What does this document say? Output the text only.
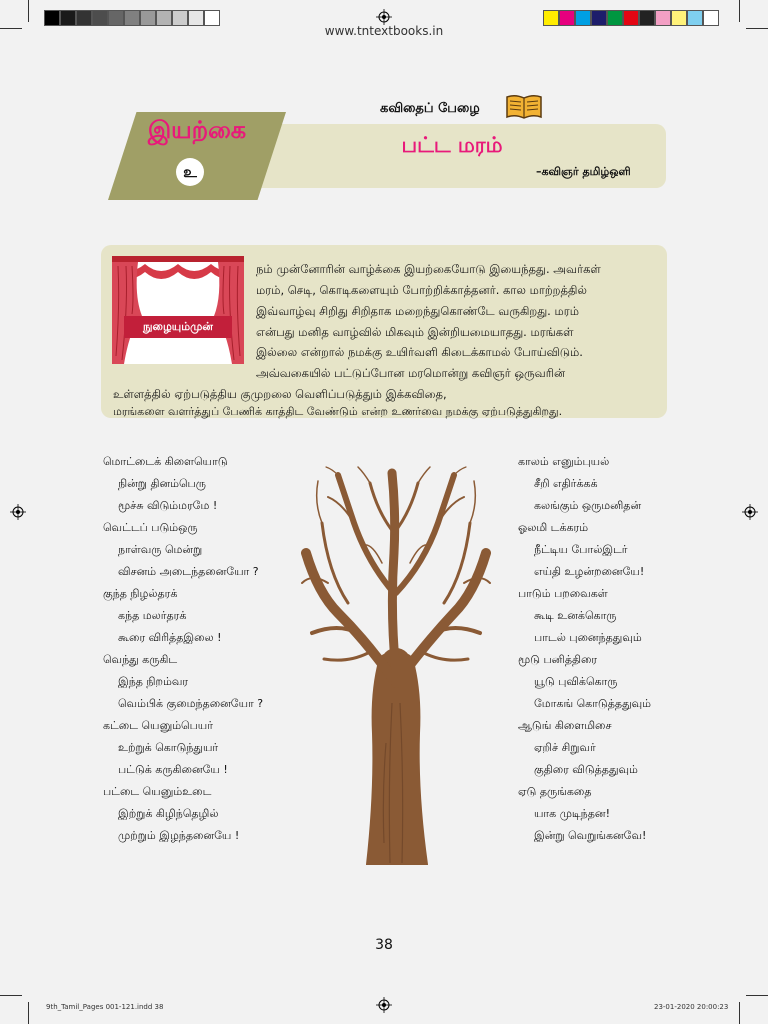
www.tntextbooks.in
இயற்கை
உ
கவிதைப் பேழை
பட்ட மரம்
–கவிஞர் தமிழ்ஒளி
நுழையும்முன்
நம் முன்னோரின் வாழ்க்கை இயற்கையோடு இயைந்தது. அவர்கள்
மரம், செடி, கொடிகளையும் போற்றிக்காத்தனர். கால மாற்றத்தில்
இவ்வாழ்வு சிறிது சிறிதாக மறைந்துகொண்டே வருகிறது. மரம்
என்பது மனித வாழ்வில் மிகவும் இன்றியமையாதது. மரங்கள்
இல்லை என்றால் நமக்கு உயிர்வளி கிடைக்காமல் போய்விடும்.
அவ்வகையில் பட்டுப்போன மரமொன்று கவிஞர் ஒருவரின்
உள்ளத்தில் ஏற்படுத்திய குமுறலை வெளிப்படுத்தும் இக்கவிதை,
மரங்களை வளர்த்துப் பேணிக் காத்திட வேண்டும் என்ற உணர்வை நமக்கு ஏற்படுத்துகிறது.
மொட்டைக் கிளையொடு
நின்று தினம்பெரு
மூச்சு விடும்மரமே !
வெட்டப் படும்ஒரு
நாள்வரு மென்று
விசனம் அடைந்தனையோ ?
குந்த நிழல்தரக்
கந்த மலர்தரக்
கூரை விரித்தஇலை !
வெந்து கருகிட
இந்த நிறம்வர
வெம்பிக் குமைந்தனையோ ?
கட்டை யெனும்பெயர்
உற்றுக் கொடுந்துயர்
பட்டுக் கருகினையே !
பட்டை யெனும்உடை
இற்றுக் கிழிந்தெழில்
முற்றும் இழந்தனையே !
காலம் எனும்புயல்
சீறி எதிர்க்கக்
கலங்கும் ஒருமனிதன்
ஓலமி டக்கரம்
நீட்டிய போல்இடர்
எய்தி உழன்றனையே!
பாடும் பறவைகள்
கூடி உனக்கொரு
பாடல் புனைந்ததுவும்
மூடு பனித்திரை
யூடு புவிக்கொரு
மோகங் கொடுத்ததுவும்
ஆடுங் கிளைமிசை
ஏறிச் சிறுவர்
குதிரை விடுத்ததுவும்
ஏடு தருங்கதை
யாக முடிந்தன!
இன்று வெறுங்கனவே!
38
9th_Tamil_Pages 001-121.indd 38	23-01-2020 20:00:23
